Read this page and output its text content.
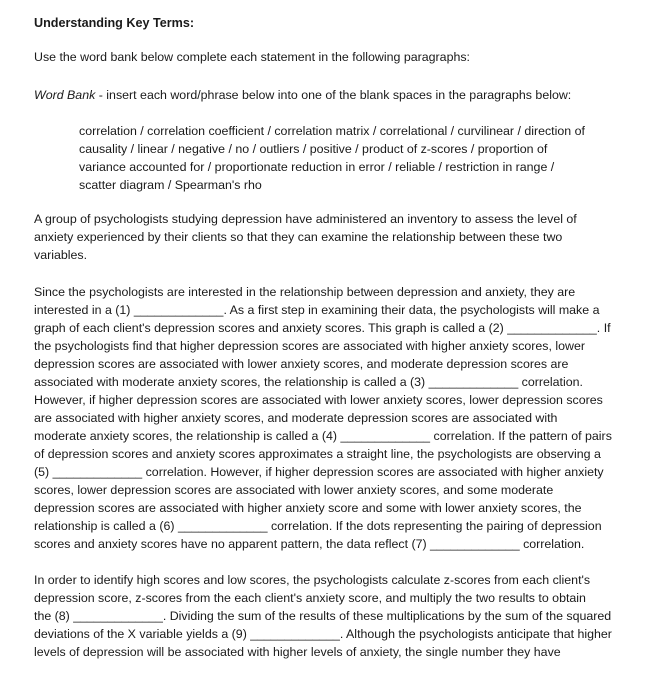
Understanding Key Terms:
Use the word bank below complete each statement in the following paragraphs:
Word Bank - insert each word/phrase below into one of the blank spaces in the paragraphs below:
correlation / correlation coefficient / correlation matrix / correlational / curvilinear / direction of
causality / linear / negative / no / outliers / positive / product of z-scores / proportion of
variance accounted for / proportionate reduction in error / reliable / restriction in range /
scatter diagram / Spearman's rho
A group of psychologists studying depression have administered an inventory to assess the level of
anxiety experienced by their clients so that they can examine the relationship between these two
variables.
Since the psychologists are interested in the relationship between depression and anxiety, they are
interested in a (1) _____________. As a first step in examining their data, the psychologists will make a
graph of each client's depression scores and anxiety scores. This graph is called a (2) _____________. If
the psychologists find that higher depression scores are associated with higher anxiety scores, lower
depression scores are associated with lower anxiety scores, and moderate depression scores are
associated with moderate anxiety scores, the relationship is called a (3) _____________ correlation.
However, if higher depression scores are associated with lower anxiety scores, lower depression scores
are associated with higher anxiety scores, and moderate depression scores are associated with
moderate anxiety scores, the relationship is called a (4) _____________ correlation. If the pattern of pairs
of depression scores and anxiety scores approximates a straight line, the psychologists are observing a
(5) _____________ correlation. However, if higher depression scores are associated with higher anxiety
scores, lower depression scores are associated with lower anxiety scores, and some moderate
depression scores are associated with higher anxiety score and some with lower anxiety scores, the
relationship is called a (6) _____________ correlation. If the dots representing the pairing of depression
scores and anxiety scores have no apparent pattern, the data reflect (7) _____________ correlation.
In order to identify high scores and low scores, the psychologists calculate z-scores from each client's
depression score, z-scores from the each client's anxiety score, and multiply the two results to obtain
the (8) _____________. Dividing the sum of the results of these multiplications by the sum of the squared
deviations of the X variable yields a (9) _____________. Although the psychologists anticipate that higher
levels of depression will be associated with higher levels of anxiety, the single number they have
